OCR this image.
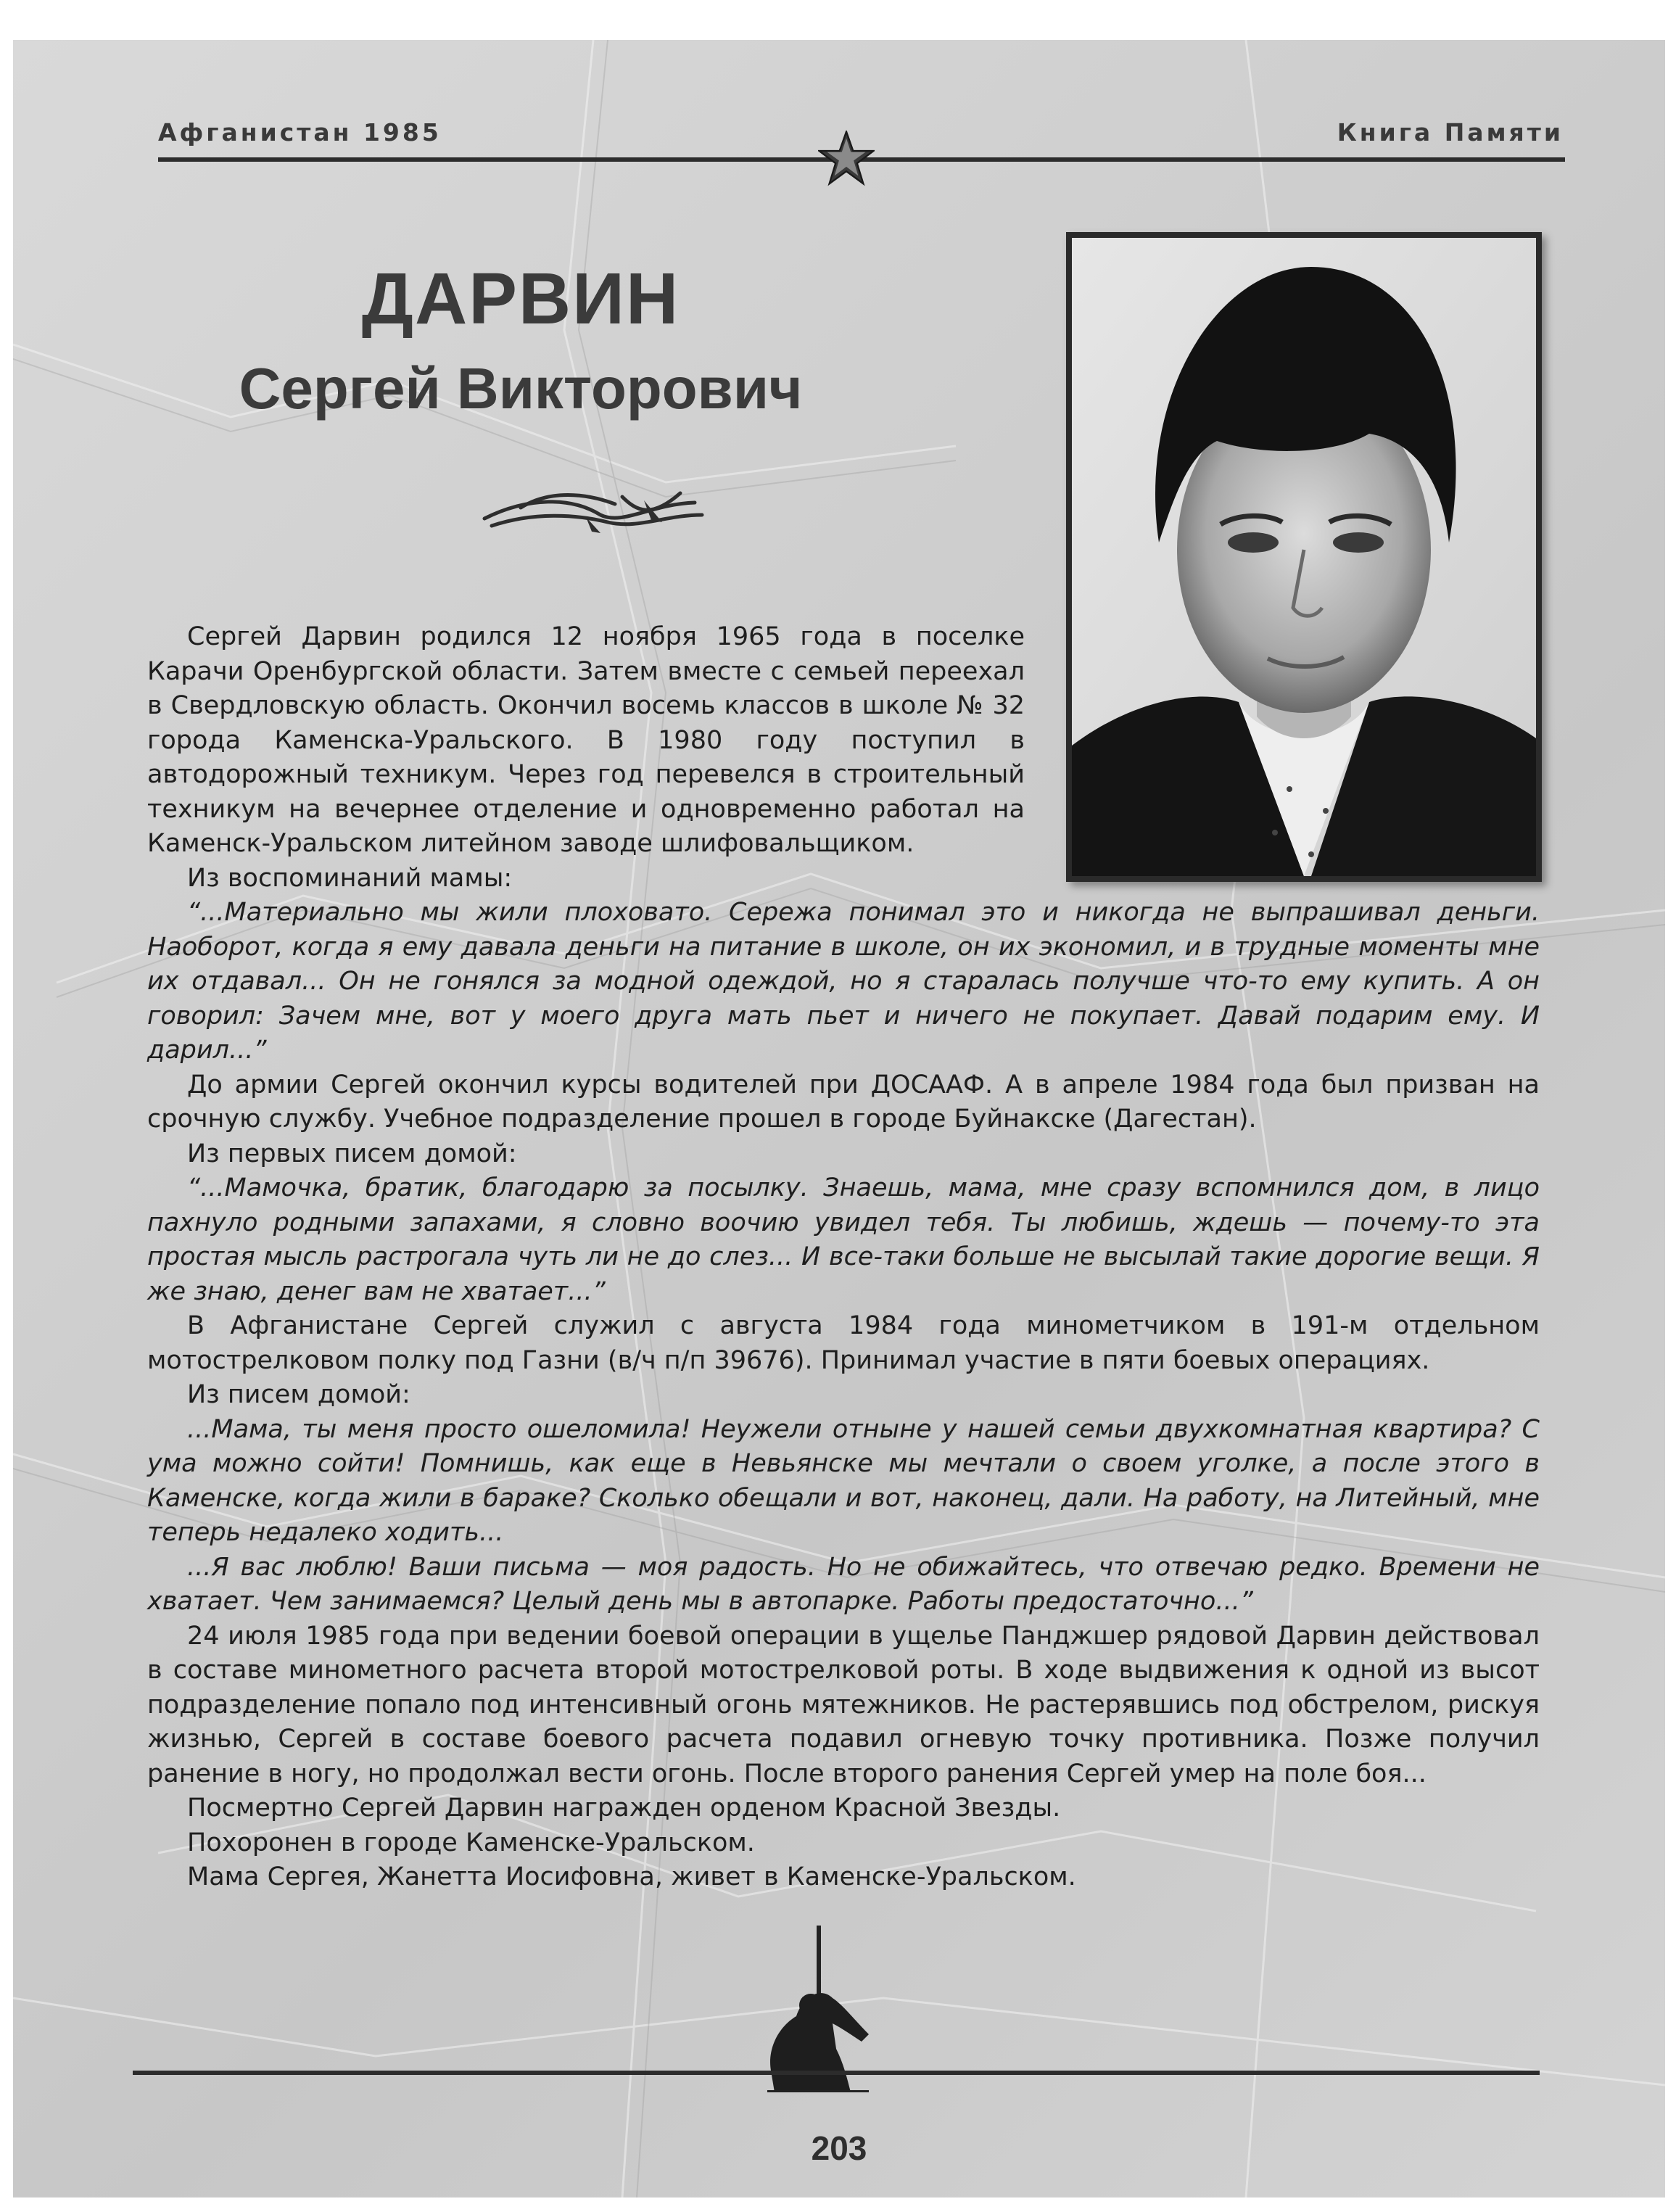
Афганистан 1985	Книга Памяти
ДАРВИН
Сергей Викторович

Сергей Дарвин родился 12 ноября 1965 года в поселке Карачи Оренбургской области. Затем вместе с семьей переехал в Свердловскую область. Окончил восемь классов в школе № 32 города Каменска-Уральского. В 1980 году поступил в автодорожный техникум. Через год перевелся в строительный техникум на вечернее отделение и одновременно работал на Каменск-Уральском литейном заводе шлифовальщиком.

Из воспоминаний мамы:

“...Материально мы жили плоховато. Сережа понимал это и никогда не выпрашивал деньги. Наоборот, когда я ему давала деньги на питание в школе, он их экономил, и в трудные моменты мне их отдавал... Он не гонялся за модной одеждой, но я старалась получше что-то ему купить. А он говорил: Зачем мне, вот у моего друга мать пьет и ничего не покупает. Давай подарим ему. И дарил...”

До армии Сергей окончил курсы водителей при ДОСААФ. А в апреле 1984 года был призван на срочную службу. Учебное подразделение прошел в городе Буйнакске (Дагестан).

Из первых писем домой:

“...Мамочка, братик, благодарю за посылку. Знаешь, мама, мне сразу вспомнился дом, в лицо пахнуло родными запахами, я словно воочию увидел тебя. Ты любишь, ждешь — почему-то эта простая мысль растрогала чуть ли не до слез... И все-таки больше не высылай такие дорогие вещи. Я же знаю, денег вам не хватает...”

В Афганистане Сергей служил с августа 1984 года минометчиком в 191-м отдельном мотострелковом полку под Газни (в/ч п/п 39676). Принимал участие в пяти боевых операциях.

Из писем домой:

...Мама, ты меня просто ошеломила! Неужели отныне у нашей семьи двухкомнатная квартира? С ума можно сойти! Помнишь, как еще в Невьянске мы мечтали о своем уголке, а после этого в Каменске, когда жили в бараке? Сколько обещали и вот, наконец, дали. На работу, на Литейный, мне теперь недалеко ходить...

...Я вас люблю! Ваши письма — моя радость. Но не обижайтесь, что отвечаю редко. Времени не хватает. Чем занимаемся? Целый день мы в автопарке. Работы предостаточно...”

24 июля 1985 года при ведении боевой операции в ущелье Панджшер рядовой Дарвин действовал в составе минометного расчета второй мотострелковой роты. В ходе выдвижения к одной из высот подразделение попало под интенсивный огонь мятежников. Не растерявшись под обстрелом, рискуя жизнью, Сергей в составе боевого расчета подавил огневую точку противника. Позже получил ранение в ногу, но продолжал вести огонь. После второго ранения Сергей умер на поле боя...

Посмертно Сергей Дарвин награжден орденом Красной Звезды.

Похоронен в городе Каменске-Уральском.

Мама Сергея, Жанетта Иосифовна, живет в Каменске-Уральском.

203
